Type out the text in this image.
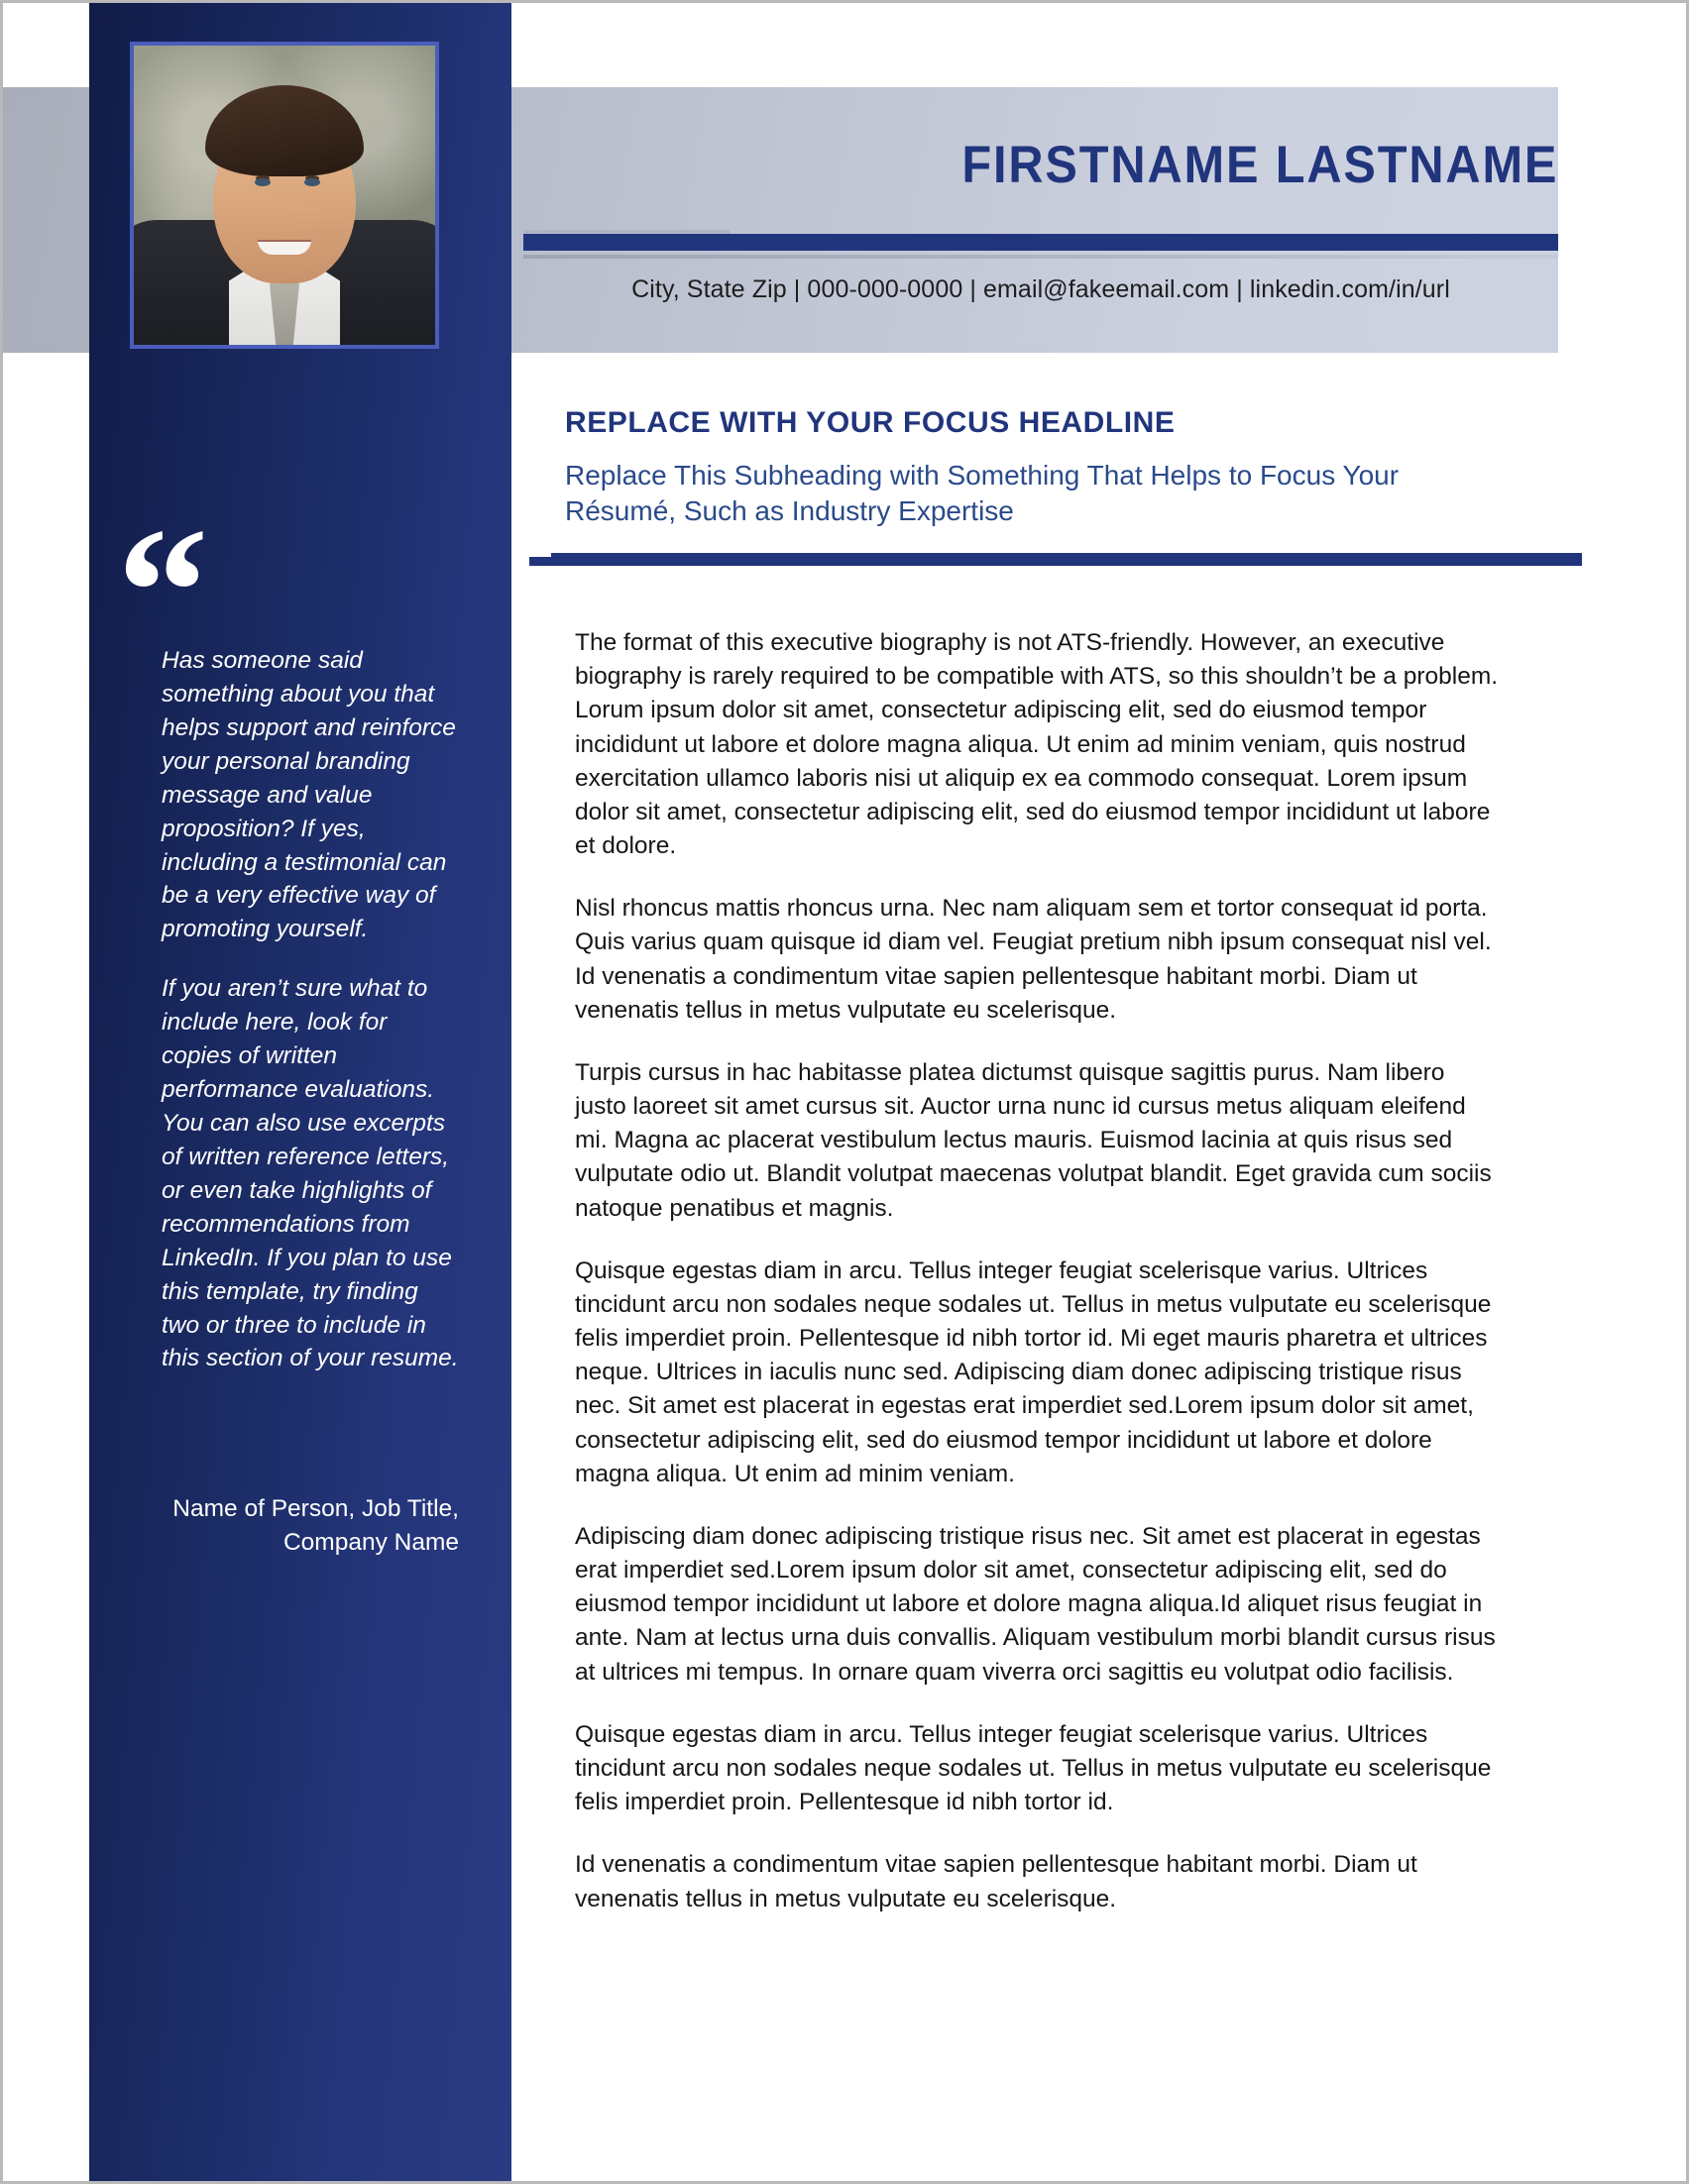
FIRSTNAME LASTNAME
City, State Zip | 000-000-0000 | email@fakeemail.com | linkedin.com/in/url
REPLACE WITH YOUR FOCUS HEADLINE
Replace This Subheading with Something That Helps to Focus Your Résumé, Such as Industry Expertise
“

Has someone said something about you that helps support and reinforce your personal branding message and value proposition? If yes, including a testimonial can be a very effective way of promoting yourself.

If you aren’t sure what to include here, look for copies of written performance evaluations. You can also use excerpts of written reference letters, or even take highlights of recommendations from LinkedIn. If you plan to use this template, try finding two or three to include in this section of your resume.

Name of Person, Job Title, Company Name	”

The format of this executive biography is not ATS-friendly. However, an executive biography is rarely required to be compatible with ATS, so this shouldn’t be a problem. Lorum ipsum dolor sit amet, consectetur adipiscing elit, sed do eiusmod tempor incididunt ut labore et dolore magna aliqua. Ut enim ad minim veniam, quis nostrud exercitation ullamco laboris nisi ut aliquip ex ea commodo consequat. Lorem ipsum dolor sit amet, consectetur adipiscing elit, sed do eiusmod tempor incididunt ut labore et dolore.

Nisl rhoncus mattis rhoncus urna. Nec nam aliquam sem et tortor consequat id porta. Quis varius quam quisque id diam vel. Feugiat pretium nibh ipsum consequat nisl vel. Id venenatis a condimentum vitae sapien pellentesque habitant morbi. Diam ut venenatis tellus in metus vulputate eu scelerisque.

Turpis cursus in hac habitasse platea dictumst quisque sagittis purus. Nam libero justo laoreet sit amet cursus sit. Auctor urna nunc id cursus metus aliquam eleifend mi. Magna ac placerat vestibulum lectus mauris. Euismod lacinia at quis risus sed vulputate odio ut. Blandit volutpat maecenas volutpat blandit. Eget gravida cum sociis natoque penatibus et magnis.

Quisque egestas diam in arcu. Tellus integer feugiat scelerisque varius. Ultrices tincidunt arcu non sodales neque sodales ut. Tellus in metus vulputate eu scelerisque felis imperdiet proin. Pellentesque id nibh tortor id. Mi eget mauris pharetra et ultrices neque. Ultrices in iaculis nunc sed. Adipiscing diam donec adipiscing tristique risus nec. Sit amet est placerat in egestas erat imperdiet sed.Lorem ipsum dolor sit amet, consectetur adipiscing elit, sed do eiusmod tempor incididunt ut labore et dolore magna aliqua. Ut enim ad minim veniam.

Adipiscing diam donec adipiscing tristique risus nec. Sit amet est placerat in egestas erat imperdiet sed.Lorem ipsum dolor sit amet, consectetur adipiscing elit, sed do eiusmod tempor incididunt ut labore et dolore magna aliqua.Id aliquet risus feugiat in ante. Nam at lectus urna duis convallis. Aliquam vestibulum morbi blandit cursus risus at ultrices mi tempus. In ornare quam viverra orci sagittis eu volutpat odio facilisis.

Quisque egestas diam in arcu. Tellus integer feugiat scelerisque varius. Ultrices tincidunt arcu non sodales neque sodales ut. Tellus in metus vulputate eu scelerisque felis imperdiet proin. Pellentesque id nibh tortor id.

Id venenatis a condimentum vitae sapien pellentesque habitant morbi. Diam ut venenatis tellus in metus vulputate eu scelerisque.
